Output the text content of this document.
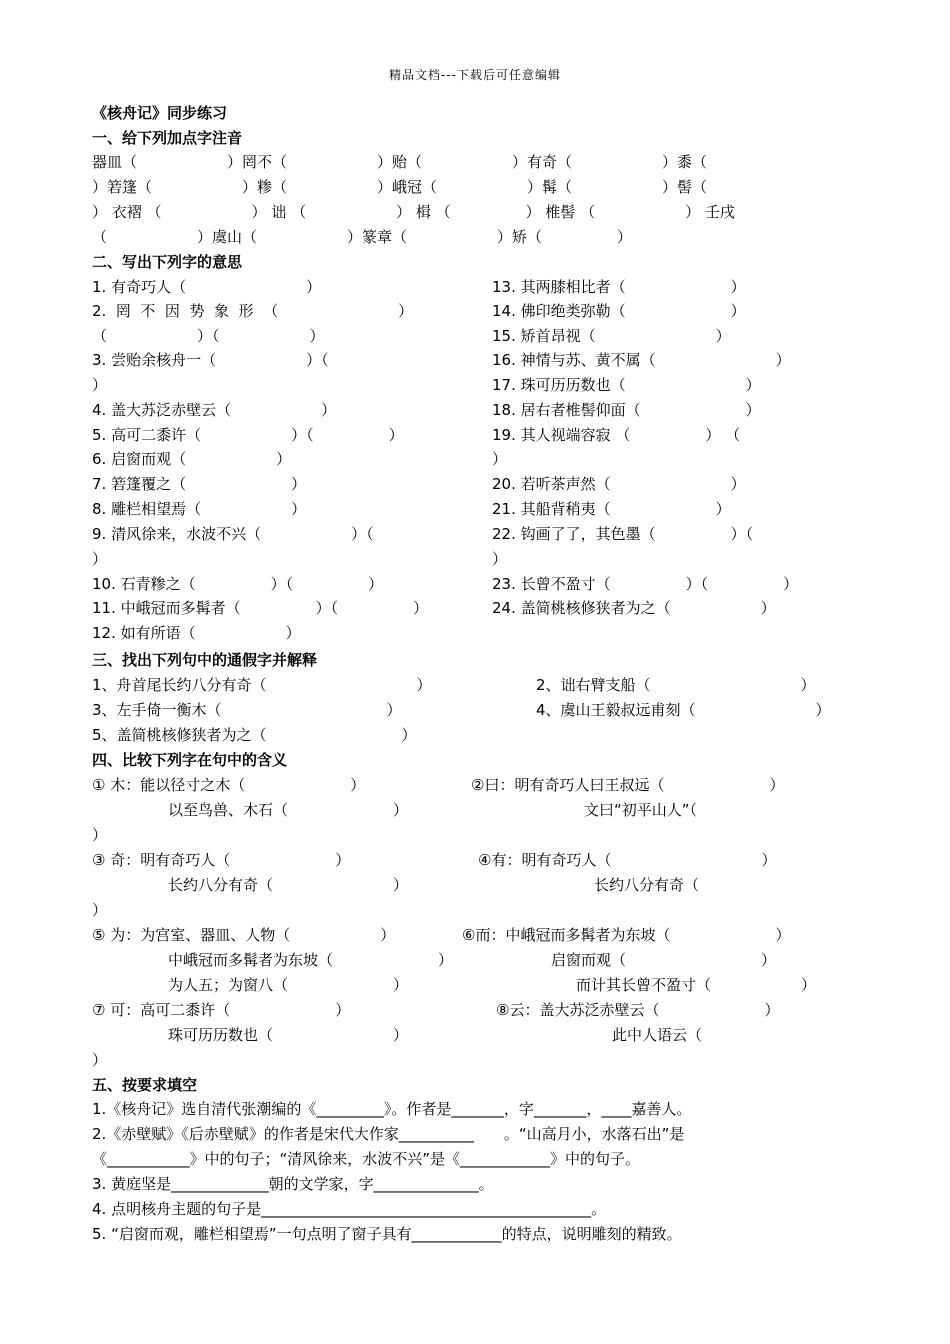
精品文档---下载后可任意编辑
《核舟记》同步练习
一、给下列加点字注音
器皿（　　　　　　）罔不（　　　　　　）贻（　　　　　　）有奇（　　　　　　）黍（
）箬篷（　　　　　　）糁（　　　　　　）峨冠（　　　　　　）髯（　　　　　　）髻（
） 衣褶 （　　　　　　） 诎 （　　　　　　） 楫 （　　　　　） 椎髻 （　　　　　　） 壬戌
（　　　　　　）虞山（　　　　　　）篆章（　　　　　　）矫（　　　　　）
二、写出下列字的意思
1. 有奇巧人（　　　　　　　　）
2.  罔  不  因  势  象  形  （　　　　　　　　）
（　　　　　　）（　　　　　　）
3. 尝贻余核舟一（　　　　　　）（
）
4. 盖大苏泛赤壁云（　　　　　　）
5. 高可二黍许（　　　　　　）（　　　　　）
6. 启窗而观（　　　　　　）
7. 箬篷覆之（　　　　　　　）
8. 雕栏相望焉（　　　　　　）
9. 清风徐来，水波不兴（　　　　　　）（
）
10. 石青糁之（　　　　　）（　　　　　）
11. 中峨冠而多髯者（　　　　　）（　　　　　）
12. 如有所语（　　　　　　）
13. 其两膝相比者（　　　　　　　）
14. 佛印绝类弥勒（　　　　　　　）
15. 矫首昂视（　　　　　　　　）
16. 神情与苏、黄不属（　　　　　　　　）
17. 珠可历历数也（　　　　　　　　）
18. 居右者椎髻仰面（　　　　　　　）
19. 其人视端容寂 （　　　　　） （
）
20. 若听茶声然（　　　　　　　　）
21. 其船背稍夷（　　　　　　　）
22. 钩画了了，其色墨（　　　　　）（
）
23. 长曾不盈寸（　　　　　）（　　　　　）
24. 盖简桃核修狭者为之（　　　　　　）
三、找出下列句中的通假字并解释
1、舟首尾长约八分有奇（　　　　　　　　　　）
3、左手倚一衡木（　　　　　　　　　　　）
5、盖简桃核修狭者为之（　　　　　　　　　）
2、诎右臂支船（　　　　　　　　　　）
4、虞山王毅叔远甫刻（　　　　　　　　）
四、比较下列字在句中的含义
① 木：能以径寸之木（　　　　　　　）
以至鸟兽、木石（　　　　　　　）
）
③ 奇：明有奇巧人（　　　　　　　）
长约八分有奇（　　　　　　　　）
）
⑤ 为：为宫室、器皿、人物（　　　　　　）
中峨冠而多髯者为东坡（　　　　　　　）
为人五；为窗八（　　　　　　　）
⑦ 可：高可二黍许（　　　　　　　）
珠可历历数也（　　　　　　　　）
）
②曰：明有奇巧人曰王叔远（　　　　　　　）
文曰“初平山人”（
④有：明有奇巧人（　　　　　　　　　　）
长约八分有奇（
⑥而：中峨冠而多髯者为东坡（　　　　　　　）
启窗而观（　　　　　　　　　）
而计其长曾不盈寸（　　　　　　）
⑧云：盖大苏泛赤壁云（　　　　　　　）
此中人语云（
五、按要求填空
1.《核舟记》选自清代张潮编的《_________》。作者是_______，字_______，____嘉善人。
2.《赤壁赋》《后赤壁赋》的作者是宋代大作家__________　　。“山高月小，水落石出”是
《___________》中的句子；“清风徐来，水波不兴”是《____________》中的句子。
3. 黄庭坚是_____________朝的文学家，字______________。
4. 点明核舟主题的句子是____________________________________________。
5. “启窗而观，雕栏相望焉”一句点明了窗子具有____________的特点，说明雕刻的精致。
